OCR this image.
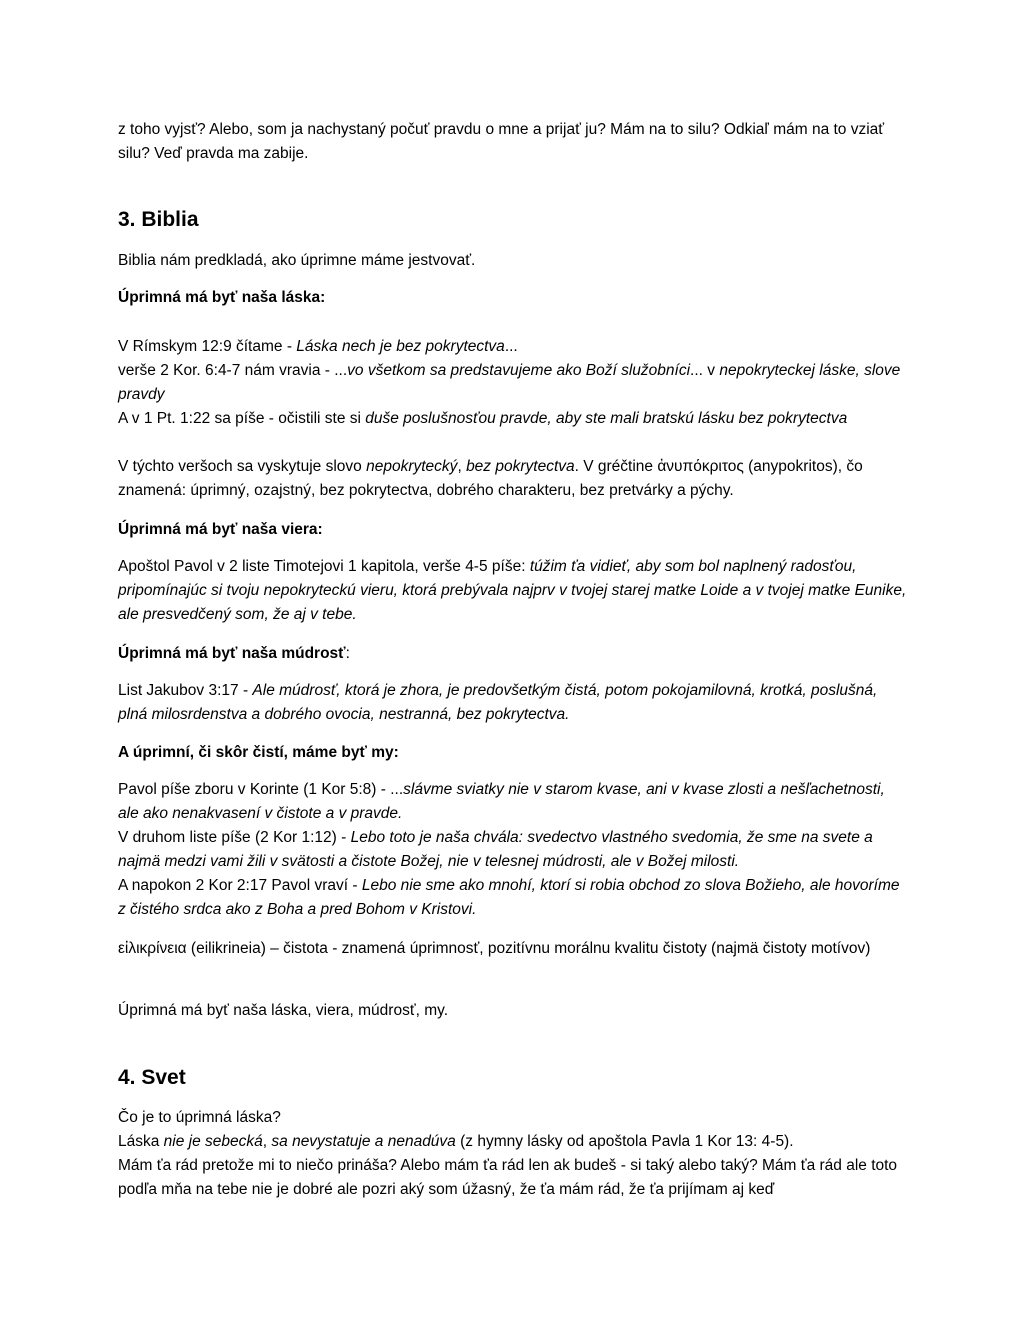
z toho vyjsť? Alebo, som ja nachystaný počuť pravdu o mne a prijať ju? Mám na to silu? Odkiaľ mám na to vziať silu? Veď pravda ma zabije.

3. Biblia

Biblia nám predkladá, ako úprimne máme jestvovať.

Úprimná má byť naša láska:

V Rímskym 12:9 čítame - Láska nech je bez pokrytectva...

verše 2 Kor. 6:4-7 nám vravia - ...vo všetkom sa predstavujeme ako Boží služobníci... v nepokryteckej láske, slove pravdy

A v 1 Pt. 1:22 sa píše - očistili ste si duše poslušnosťou pravde, aby ste mali bratskú lásku bez pokrytectva

V týchto veršoch sa vyskytuje slovo nepokrytecký, bez pokrytectva. V gréčtine ἀνυπόκριτος (anypokritos), čo znamená: úprimný, ozajstný, bez pokrytectva, dobrého charakteru, bez pretvárky a pýchy.

Úprimná má byť naša viera:

Apoštol Pavol v 2 liste Timotejovi 1 kapitola, verše 4-5 píše: túžim ťa vidieť, aby som bol naplnený radosťou, pripomínajúc si tvoju nepokryteckú vieru, ktorá prebývala najprv v tvojej starej matke Loide a v tvojej matke Eunike, ale presvedčený som, že aj v tebe.

Úprimná má byť naša múdrosť:

List Jakubov 3:17 - Ale múdrosť, ktorá je zhora, je predovšetkým čistá, potom pokojamilovná, krotká, poslušná, plná milosrdenstva a dobrého ovocia, nestranná, bez pokrytectva.

A úprimní, či skôr čistí, máme byť my:

Pavol píše zboru v Korinte (1 Kor 5:8) - ...slávme sviatky nie v starom kvase, ani v kvase zlosti a nešľachetnosti, ale ako nenakvasení v čistote a v pravde.

V druhom liste píše (2 Kor 1:12) - Lebo toto je naša chvála: svedectvo vlastného svedomia, že sme na svete a najmä medzi vami žili v svätosti a čistote Božej, nie v telesnej múdrosti, ale v Božej milosti.

A napokon 2 Kor 2:17 Pavol vraví - Lebo nie sme ako mnohí, ktorí si robia obchod zo slova Božieho, ale hovoríme z čistého srdca ako z Boha a pred Bohom v Kristovi.

εἰλικρίνεια (eilikrineia) – čistota - znamená úprimnosť, pozitívnu morálnu kvalitu čistoty (najmä čistoty motívov)

Úprimná má byť naša láska, viera, múdrosť, my.

4. Svet

Čo je to úprimná láska?

Láska nie je sebecká, sa nevystatuje a nenadúva (z hymny lásky od apoštola Pavla 1 Kor 13: 4-5).

Mám ťa rád pretože mi to niečo prináša? Alebo mám ťa rád len ak budeš - si taký alebo taký? Mám ťa rád ale toto podľa mňa na tebe nie je dobré ale pozri aký som úžasný, že ťa mám rád, že ťa prijímam aj keď
